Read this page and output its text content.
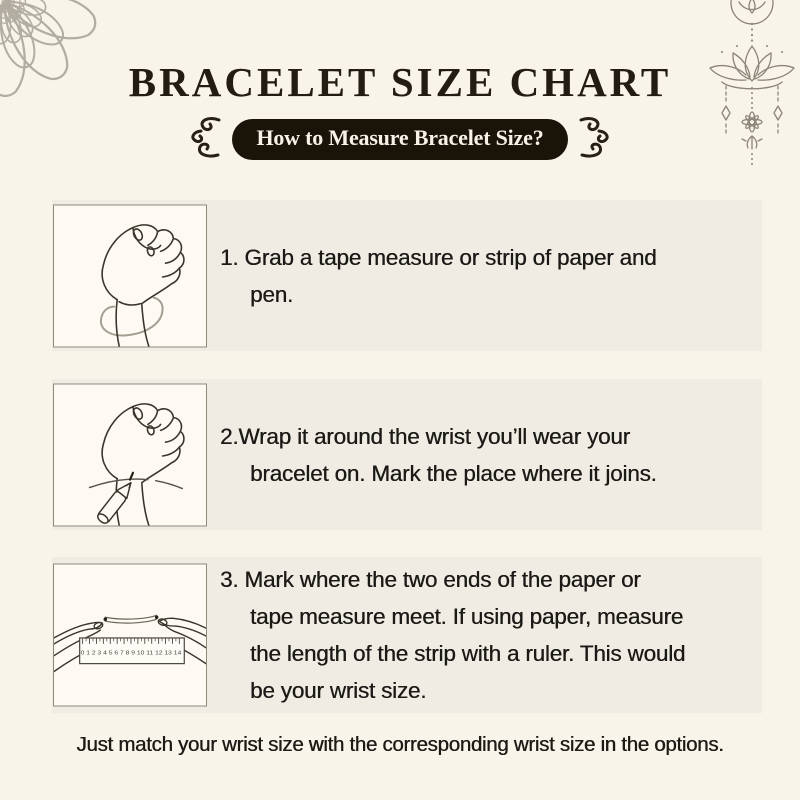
BRACELET SIZE CHART
How to Measure Bracelet Size?
1. Grab a tape measure or strip of paper and
pen.
2.Wrap it around the wrist you’ll wear your
bracelet on. Mark the place where it joins.
0 1 2 3 4 5 6 7 8 9 10 11 12 13 14
3. Mark where the two ends of the paper or
tape measure meet. If using paper, measure
the length of the strip with a ruler. This would
be your wrist size.
Just match your wrist size with the corresponding wrist size in the options.
